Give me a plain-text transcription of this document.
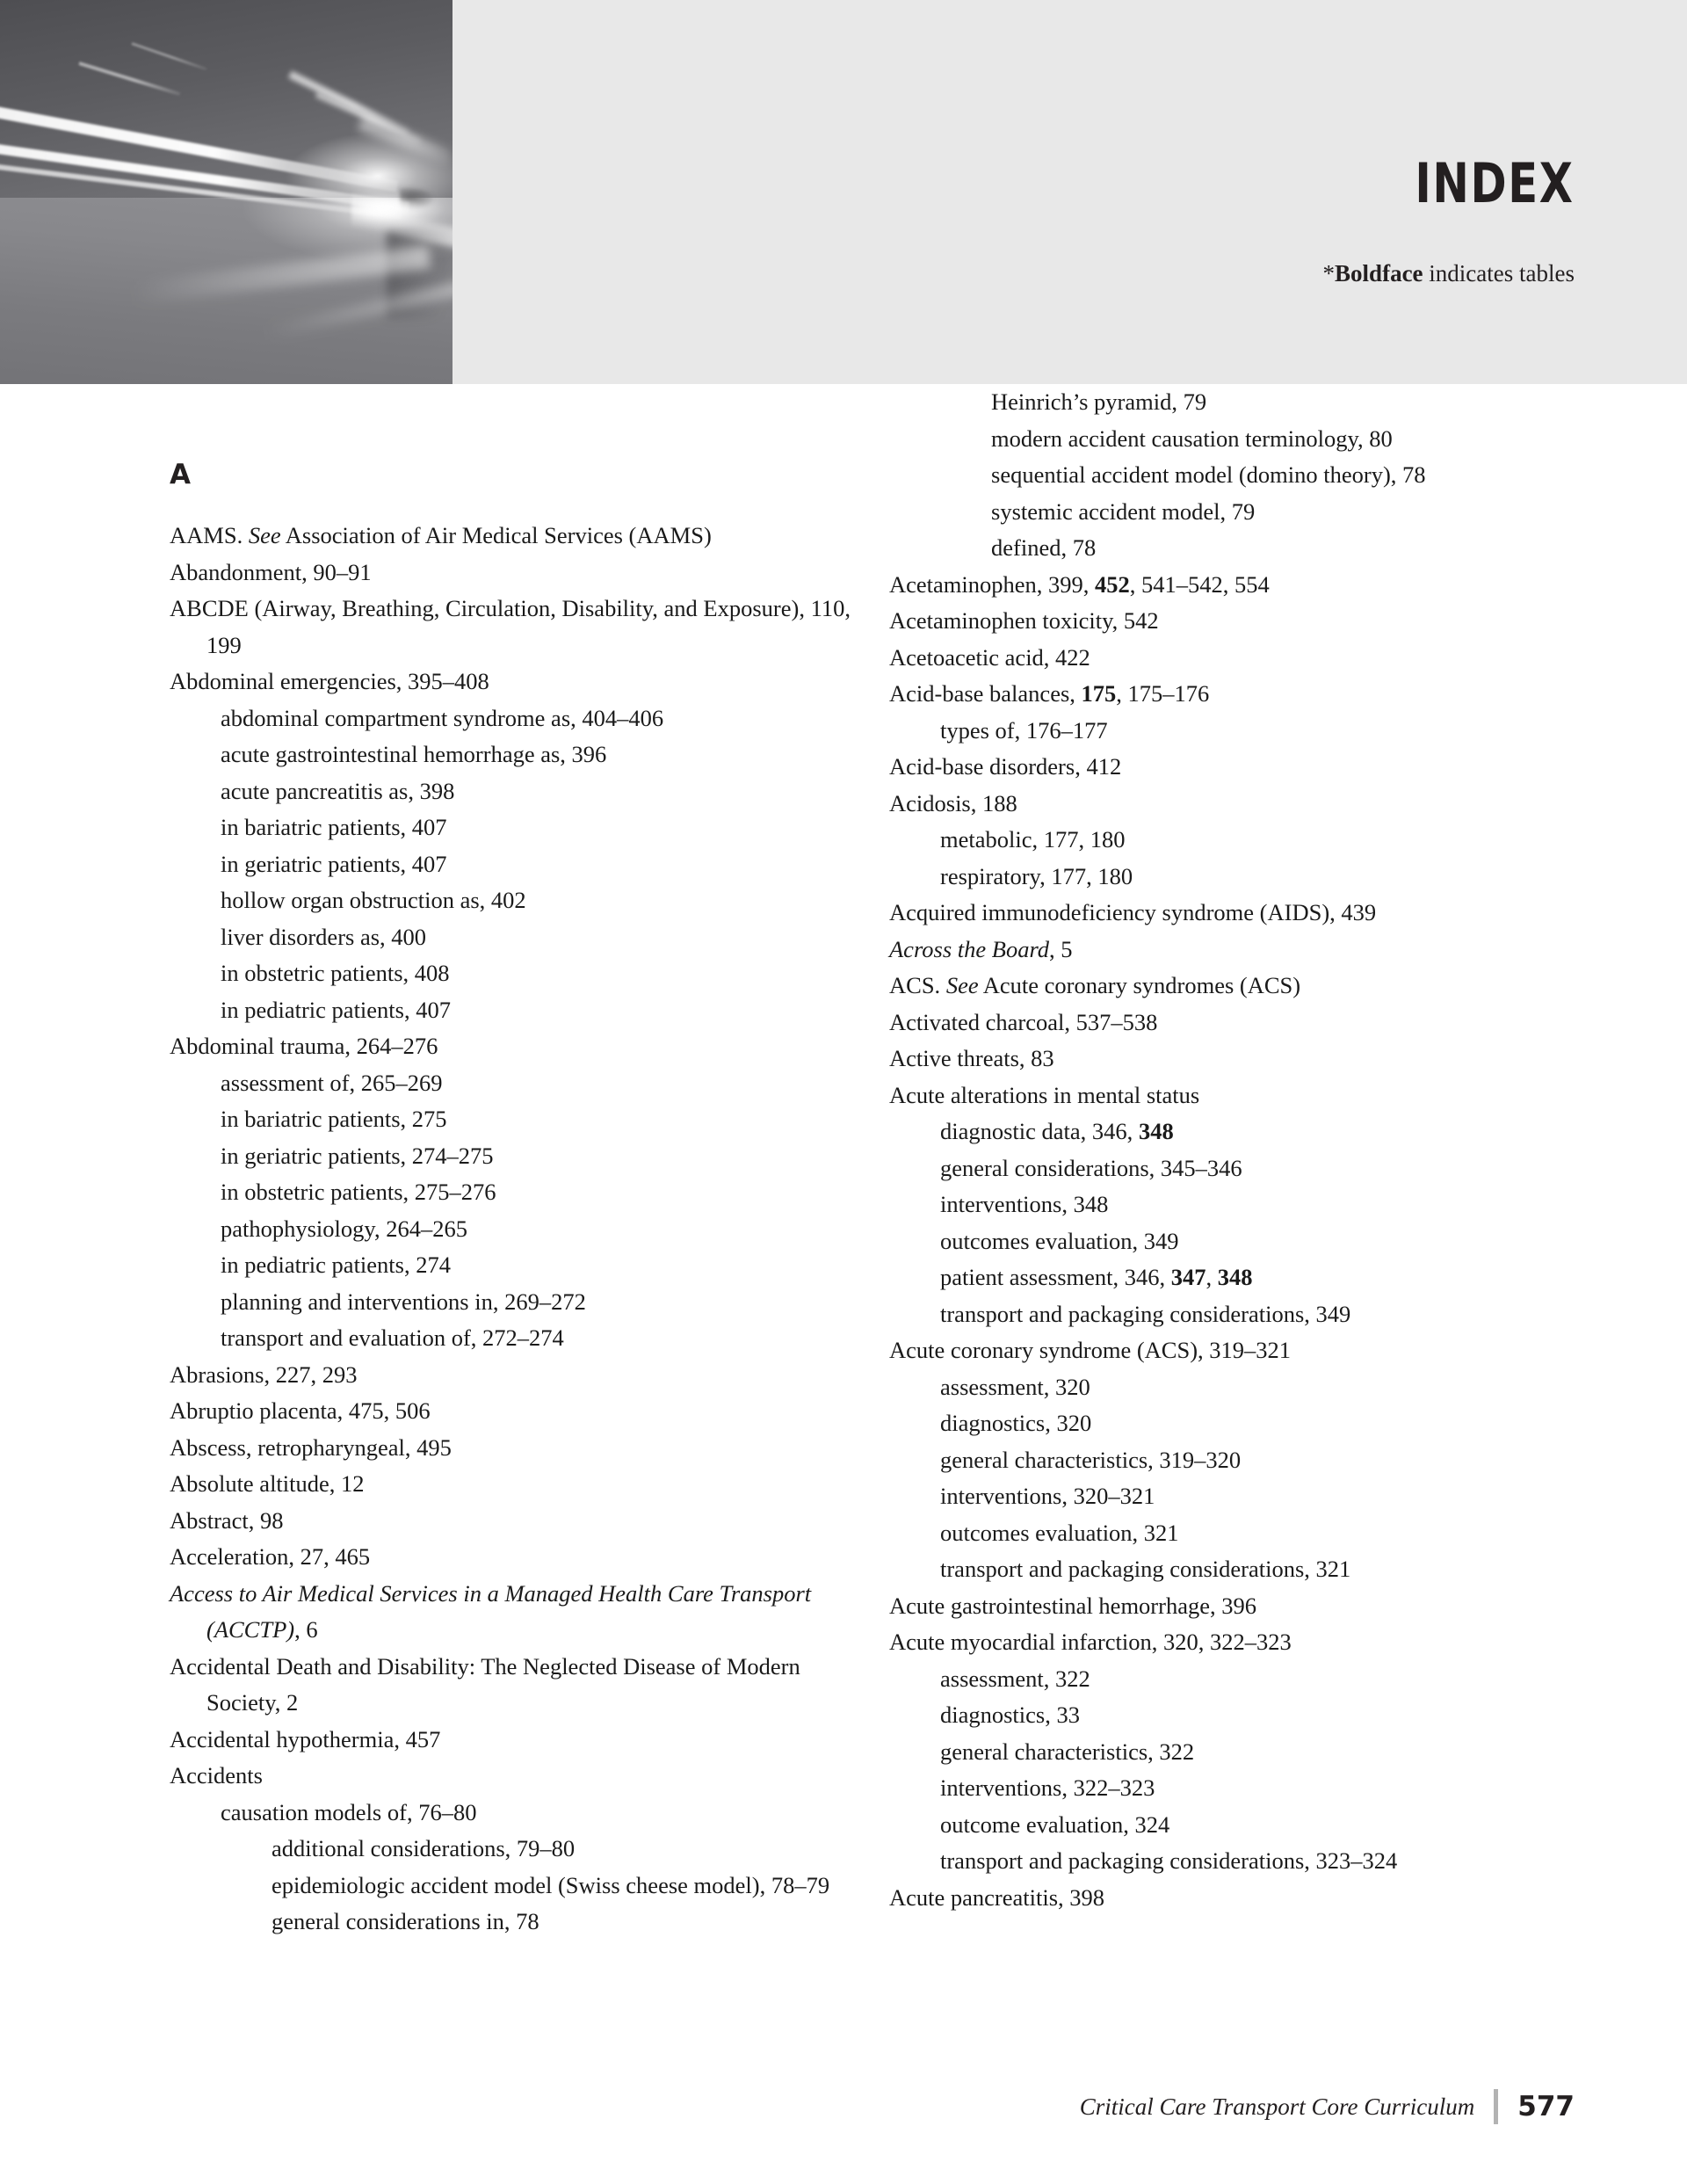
INDEX
*Boldface indicates tables
A

AAMS. See Association of Air Medical Services (AAMS)

Abandonment, 90–91

ABCDE (Airway, Breathing, Circulation, Disability, and Exposure), 110, 199

Abdominal emergencies, 395–408

abdominal compartment syndrome as, 404–406

acute gastrointestinal hemorrhage as, 396

acute pancreatitis as, 398

in bariatric patients, 407

in geriatric patients, 407

hollow organ obstruction as, 402

liver disorders as, 400

in obstetric patients, 408

in pediatric patients, 407

Abdominal trauma, 264–276

assessment of, 265–269

in bariatric patients, 275

in geriatric patients, 274–275

in obstetric patients, 275–276

pathophysiology, 264–265

in pediatric patients, 274

planning and interventions in, 269–272

transport and evaluation of, 272–274

Abrasions, 227, 293

Abruptio placenta, 475, 506

Abscess, retropharyngeal, 495

Absolute altitude, 12

Abstract, 98

Acceleration, 27, 465

Access to Air Medical Services in a Managed Health Care Transport (ACCTP), 6

Accidental Death and Disability: The Neglected Disease of Modern Society, 2

Accidental hypothermia, 457

Accidents

causation models of, 76–80

additional considerations, 79–80

epidemiologic accident model (Swiss cheese model), 78–79

general considerations in, 78

Heinrich’s pyramid, 79

modern accident causation terminology, 80

sequential accident model (domino theory), 78

systemic accident model, 79

defined, 78

Acetaminophen, 399, 452, 541–542, 554

Acetaminophen toxicity, 542

Acetoacetic acid, 422

Acid-base balances, 175, 175–176

types of, 176–177

Acid-base disorders, 412

Acidosis, 188

metabolic, 177, 180

respiratory, 177, 180

Acquired immunodeficiency syndrome (AIDS), 439

Across the Board, 5

ACS. See Acute coronary syndromes (ACS)

Activated charcoal, 537–538

Active threats, 83

Acute alterations in mental status

diagnostic data, 346, 348

general considerations, 345–346

interventions, 348

outcomes evaluation, 349

patient assessment, 346, 347, 348

transport and packaging considerations, 349

Acute coronary syndrome (ACS), 319–321

assessment, 320

diagnostics, 320

general characteristics, 319–320

interventions, 320–321

outcomes evaluation, 321

transport and packaging considerations, 321

Acute gastrointestinal hemorrhage, 396

Acute myocardial infarction, 320, 322–323

assessment, 322

diagnostics, 33

general characteristics, 322

interventions, 322–323

outcome evaluation, 324

transport and packaging considerations, 323–324

Acute pancreatitis, 398

Critical Care Transport Core Curriculum	577
